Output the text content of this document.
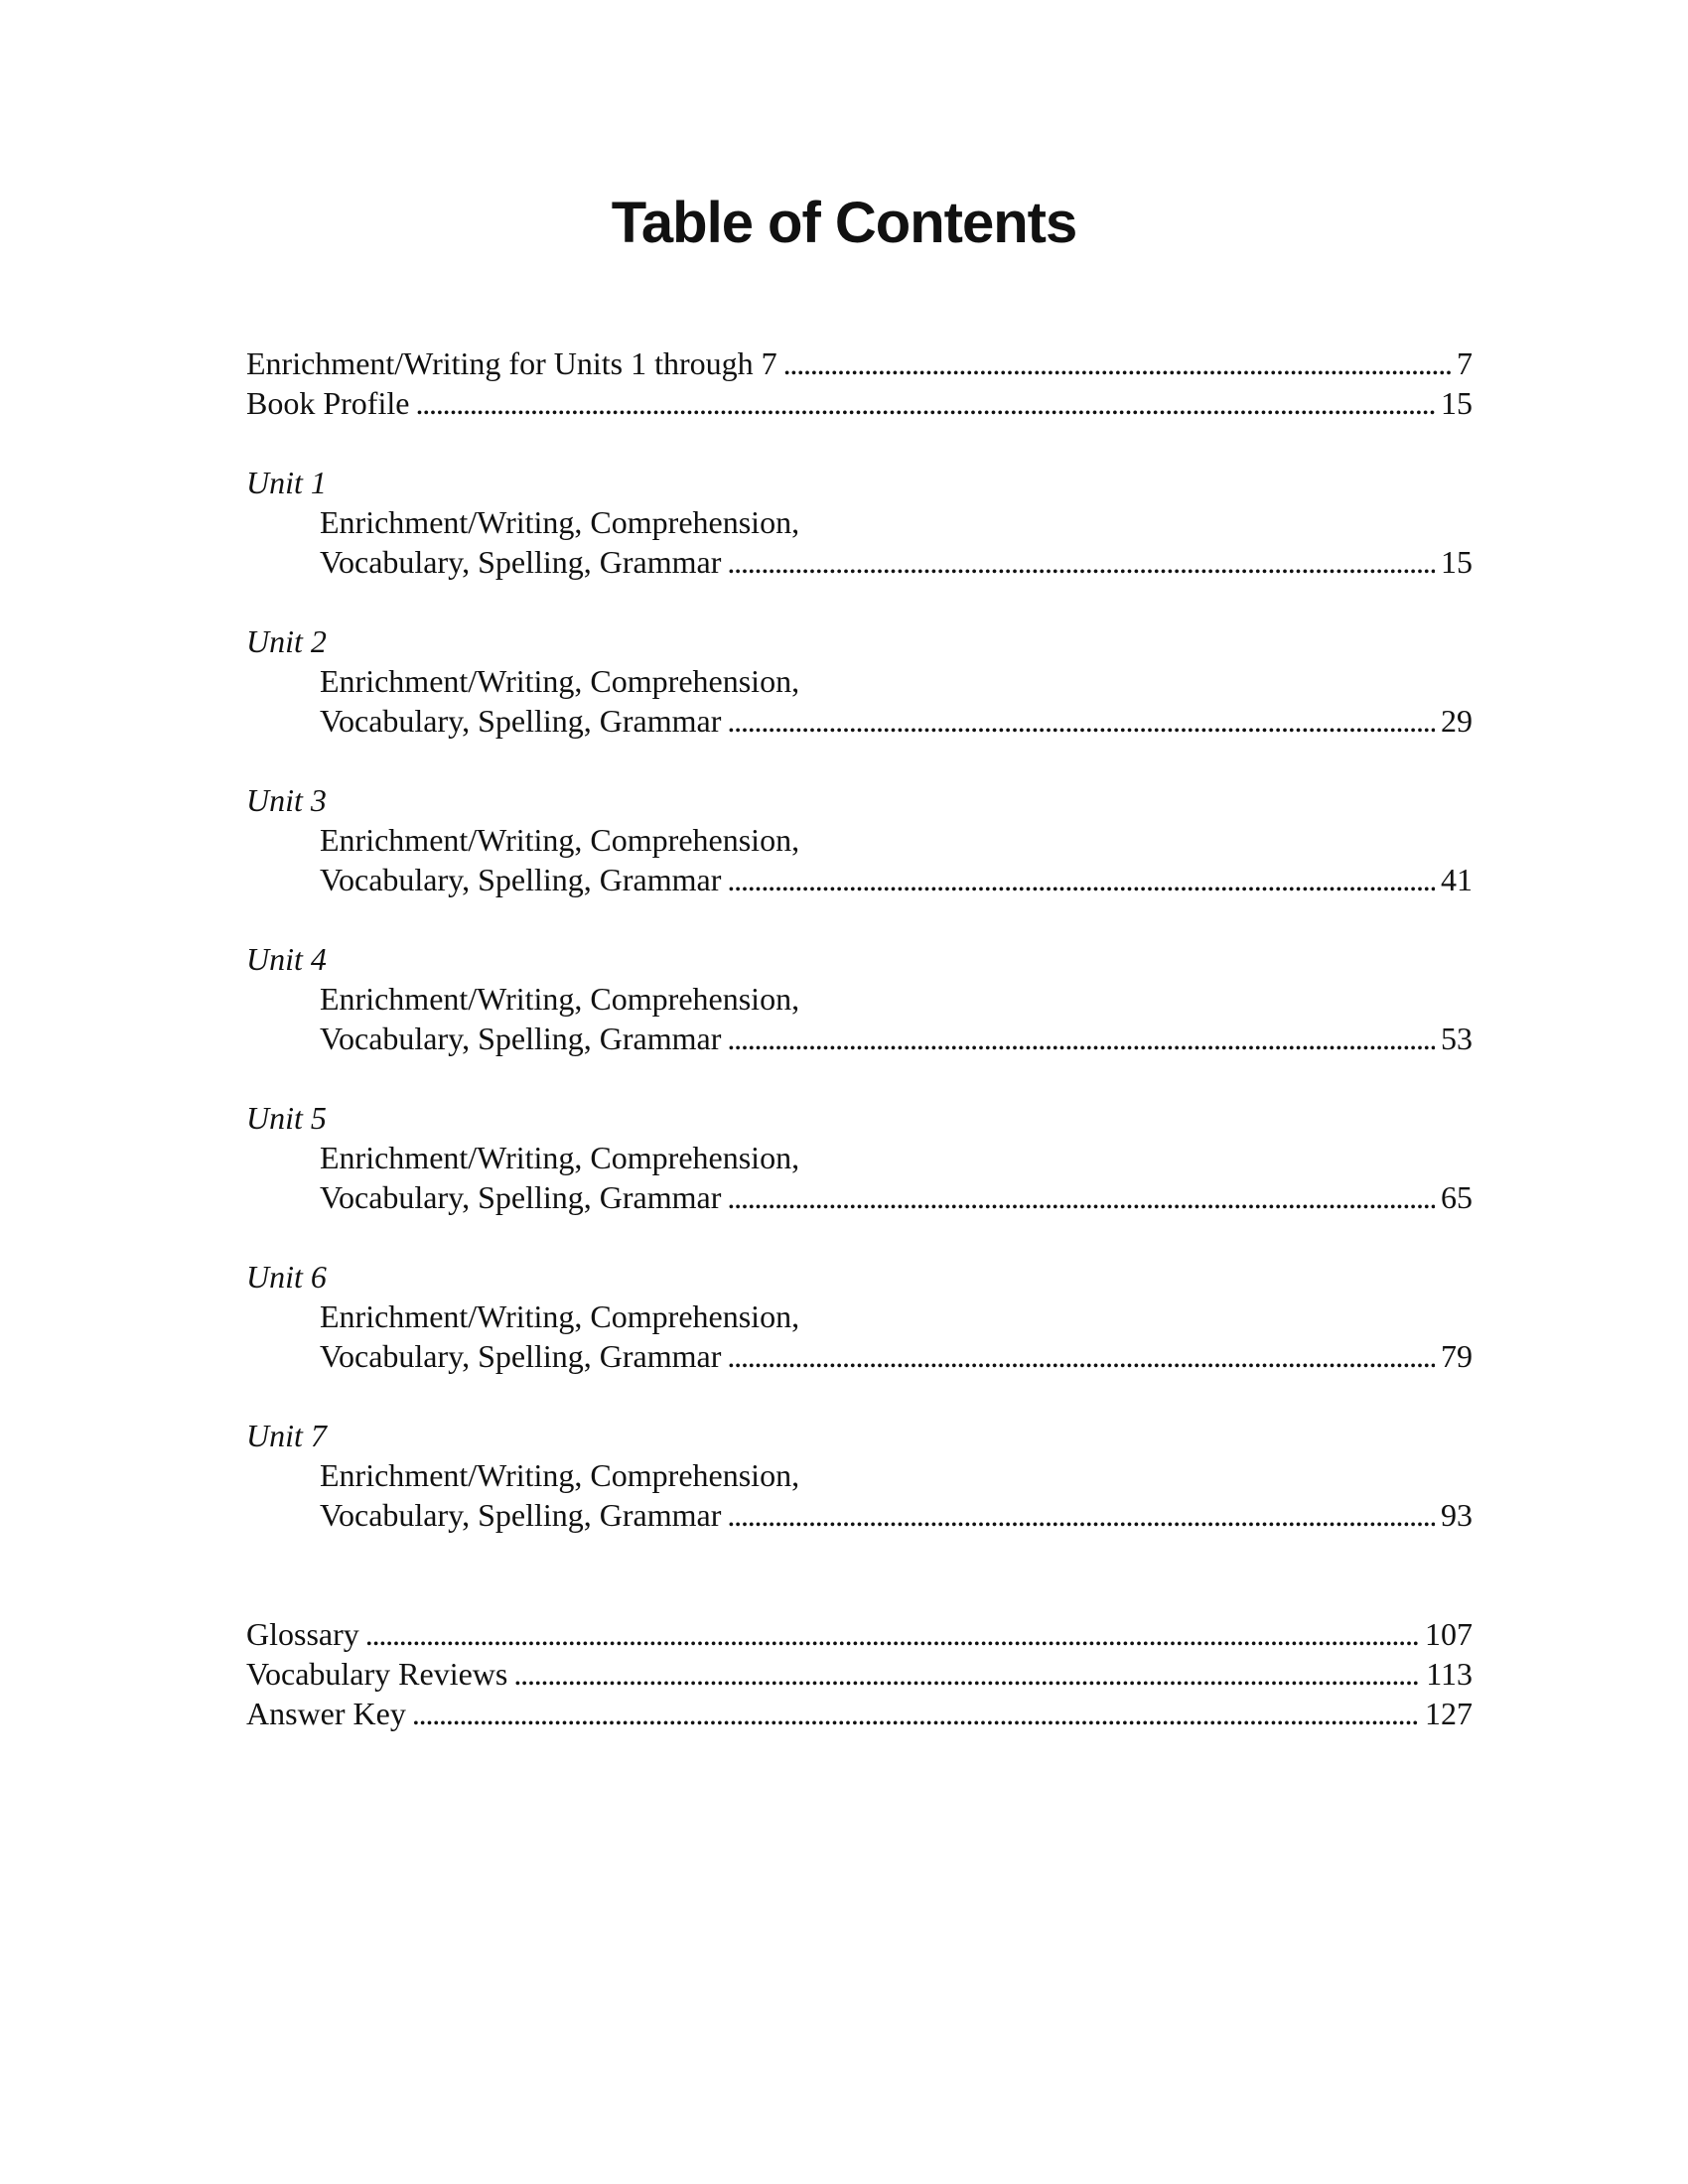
Table of Contents
Enrichment/Writing for Units 1 through 7 . . .	7
Book Profile . . .	15
Unit 1
Enrichment/Writing, Comprehension,
Vocabulary, Spelling, Grammar . . .	15
Unit 2
Enrichment/Writing, Comprehension,
Vocabulary, Spelling, Grammar . . .	29
Unit 3
Enrichment/Writing, Comprehension,
Vocabulary, Spelling, Grammar . . .	41
Unit 4
Enrichment/Writing, Comprehension,
Vocabulary, Spelling, Grammar . . .	53
Unit 5
Enrichment/Writing, Comprehension,
Vocabulary, Spelling, Grammar . . .	65
Unit 6
Enrichment/Writing, Comprehension,
Vocabulary, Spelling, Grammar . . .	79
Unit 7
Enrichment/Writing, Comprehension,
Vocabulary, Spelling, Grammar . . .	93
Glossary . . .	107
Vocabulary Reviews . . .	113
Answer Key . . .	127
